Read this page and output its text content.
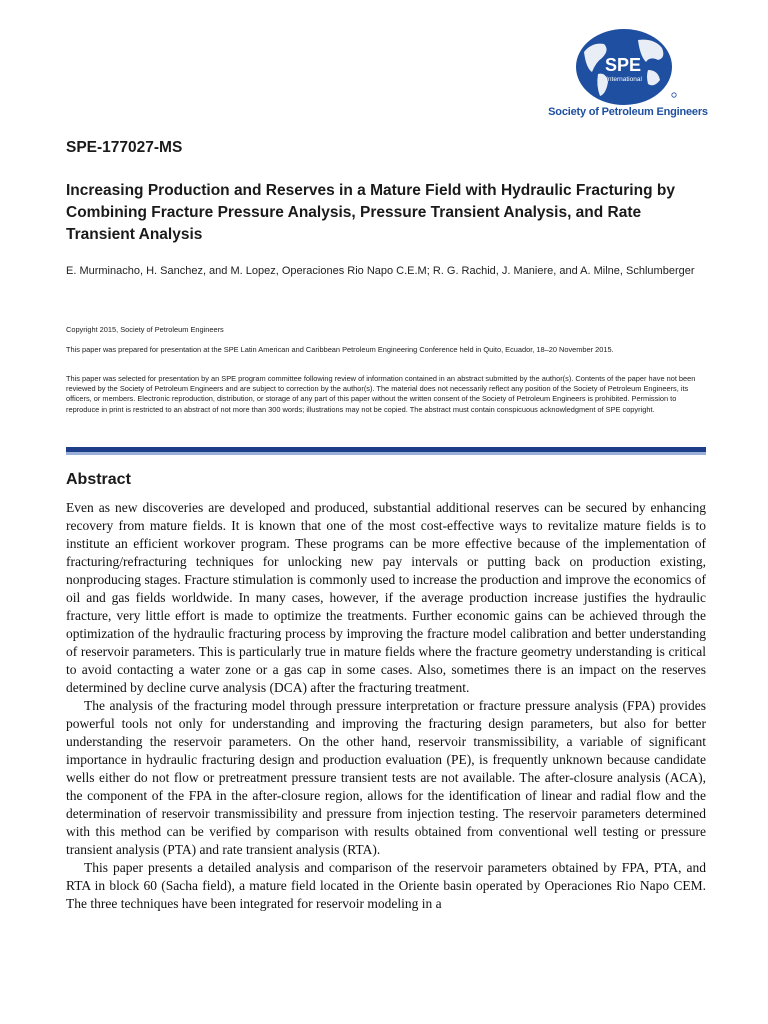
SPE
International
Society of Petroleum Engineers
SPE-177027-MS
Increasing Production and Reserves in a Mature Field with Hydraulic Fracturing by Combining Fracture Pressure Analysis, Pressure Transient Analysis, and Rate Transient Analysis
E. Murminacho, H. Sanchez, and M. Lopez, Operaciones Rio Napo C.E.M; R. G. Rachid, J. Maniere, and A. Milne, Schlumberger
Copyright 2015, Society of Petroleum Engineers
This paper was prepared for presentation at the SPE Latin American and Caribbean Petroleum Engineering Conference held in Quito, Ecuador, 18–20 November 2015.
This paper was selected for presentation by an SPE program committee following review of information contained in an abstract submitted by the author(s). Contents of the paper have not been reviewed by the Society of Petroleum Engineers and are subject to correction by the author(s). The material does not necessarily reflect any position of the Society of Petroleum Engineers, its officers, or members. Electronic reproduction, distribution, or storage of any part of this paper without the written consent of the Society of Petroleum Engineers is prohibited. Permission to reproduce in print is restricted to an abstract of not more than 300 words; illustrations may not be copied. The abstract must contain conspicuous acknowledgment of SPE copyright.
Abstract

Even as new discoveries are developed and produced, substantial additional reserves can be secured by enhancing recovery from mature fields. It is known that one of the most cost-effective ways to revitalize mature fields is to institute an efficient workover program. These programs can be more effective because of the implementation of fracturing/refracturing techniques for unlocking new pay intervals or putting back on production existing, nonproducing stages. Fracture stimulation is commonly used to increase the production and improve the economics of oil and gas fields worldwide. In many cases, however, if the average production increase justifies the hydraulic fracture, very little effort is made to optimize the treatments. Further economic gains can be achieved through the optimization of the hydraulic fracturing process by improving the fracture model calibration and better understanding of reservoir parameters. This is particularly true in mature fields where the fracture geometry understanding is critical to avoid contacting a water zone or a gas cap in some cases. Also, sometimes there is an impact on the reserves determined by decline curve analysis (DCA) after the fracturing treatment.

The analysis of the fracturing model through pressure interpretation or fracture pressure analysis (FPA) provides powerful tools not only for understanding and improving the fracturing design parameters, but also for better understanding the reservoir parameters. On the other hand, reservoir transmissibility, a variable of significant importance in hydraulic fracturing design and production evaluation (PE), is frequently unknown because candidate wells either do not flow or pretreatment pressure transient tests are not available. The after-closure analysis (ACA), the component of the FPA in the after-closure region, allows for the identification of linear and radial flow and the determination of reservoir transmissibility and pressure from injection testing. The reservoir parameters determined with this method can be verified by comparison with results obtained from conventional well testing or pressure transient analysis (PTA) and rate transient analysis (RTA).

This paper presents a detailed analysis and comparison of the reservoir parameters obtained by FPA, PTA, and RTA in block 60 (Sacha field), a mature field located in the Oriente basin operated by Operaciones Rio Napo CEM. The three techniques have been integrated for reservoir modeling in a
